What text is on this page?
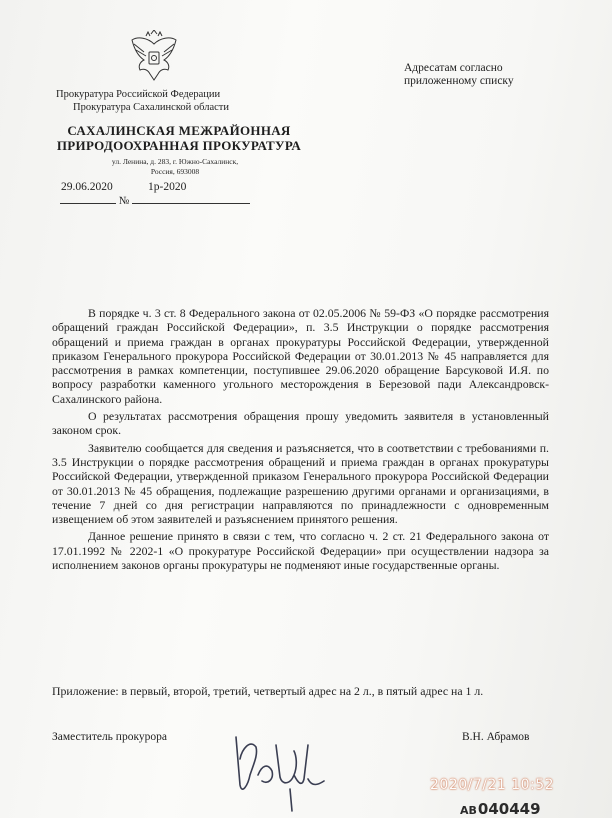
Прокуратура Российской Федерации
Прокуратура Сахалинской области
САХАЛИНСКАЯ МЕЖРАЙОННАЯ
ПРИРОДООХРАННАЯ ПРОКУРАТУРА
ул. Ленина, д. 283, г. Южно-Сахалинск,
Россия, 693008
29.06.2020	1р-2020
№
Адресатам согласно
приложенному списку

В порядке ч. 3 ст. 8 Федерального закона от 02.05.2006 № 59-ФЗ «О порядке рассмотрения обращений граждан Российской Федерации», п. 3.5 Инструкции о порядке рассмотрения обращений и приема граждан в органах прокуратуры Российской Федерации, утвержденной приказом Генерального прокурора Российской Федерации от 30.01.2013 № 45 направляется для рассмотрения в рамках компетенции, поступившее 29.06.2020 обращение Барсуковой И.Я. по вопросу разработки каменного угольного месторождения в Березовой пади Александровск-Сахалинского района.

О результатах рассмотрения обращения прошу уведомить заявителя в установленный законом срок.

Заявителю сообщается для сведения и разъясняется, что в соответствии с требованиями п. 3.5 Инструкции о порядке рассмотрения обращений и приема граждан в органах прокуратуры Российской Федерации, утвержденной приказом Генерального прокурора Российской Федерации от 30.01.2013 № 45 обращения, подлежащие разрешению другими органами и организациями, в течение 7 дней со дня регистрации направляются по принадлежности с одновременным извещением об этом заявителей и разъяснением принятого решения.

Данное решение принято в связи с тем, что согласно ч. 2 ст. 21 Федерального закона от 17.01.1992 № 2202-1 «О прокуратуре Российской Федерации» при осуществлении надзора за исполнением законов органы прокуратуры не подменяют иные государственные органы.

Приложение: в первый, второй, третий, четвертый адрес на 2 л., в пятый адрес на 1 л.
Заместитель прокурора	В.Н. Абрамов
2020/7/21 10:52
АВ040449
